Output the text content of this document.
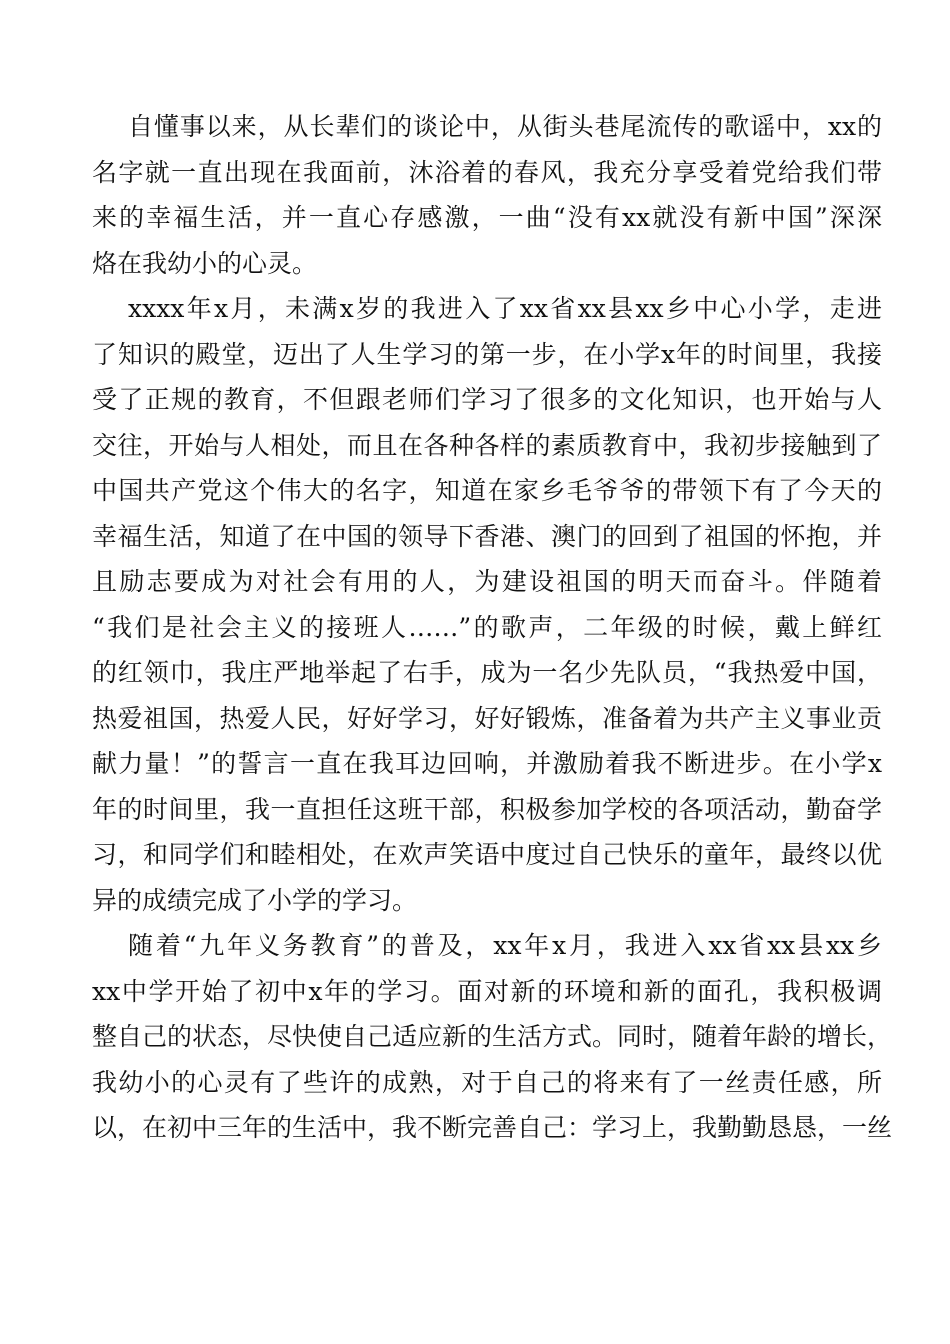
自懂事以来，从长辈们的谈论中，从街头巷尾流传的歌谣中，xx的
名字就一直出现在我面前，沐浴着的春风，我充分享受着党给我们带
来的幸福生活，并一直心存感激，一曲“没有xx就没有新中国”深深
烙在我幼小的心灵。
xxxx年x月，未满x岁的我进入了xx省xx县xx乡中心小学，走进
了知识的殿堂，迈出了人生学习的第一步，在小学x年的时间里，我接
受了正规的教育，不但跟老师们学习了很多的文化知识，也开始与人
交往，开始与人相处，而且在各种各样的素质教育中，我初步接触到了
中国共产党这个伟大的名字，知道在家乡毛爷爷的带领下有了今天的
幸福生活，知道了在中国的领导下香港、澳门的回到了祖国的怀抱，并
且励志要成为对社会有用的人，为建设祖国的明天而奋斗。伴随着
“我们是社会主义的接班人……”的歌声，二年级的时候，戴上鲜红
的红领巾，我庄严地举起了右手，成为一名少先队员，“我热爱中国，
热爱祖国，热爱人民，好好学习，好好锻炼，准备着为共产主义事业贡
献力量！”的誓言一直在我耳边回响，并激励着我不断进步。在小学x
年的时间里，我一直担任这班干部，积极参加学校的各项活动，勤奋学
习，和同学们和睦相处，在欢声笑语中度过自己快乐的童年，最终以优
异的成绩完成了小学的学习。
随着“九年义务教育”的普及，xx年x月，我进入xx省xx县xx乡
xx中学开始了初中x年的学习。面对新的环境和新的面孔，我积极调
整自己的状态，尽快使自己适应新的生活方式。同时，随着年龄的增长，
我幼小的心灵有了些许的成熟，对于自己的将来有了一丝责任感，所
以，在初中三年的生活中，我不断完善自己：学习上，我勤勤恳恳，一丝
